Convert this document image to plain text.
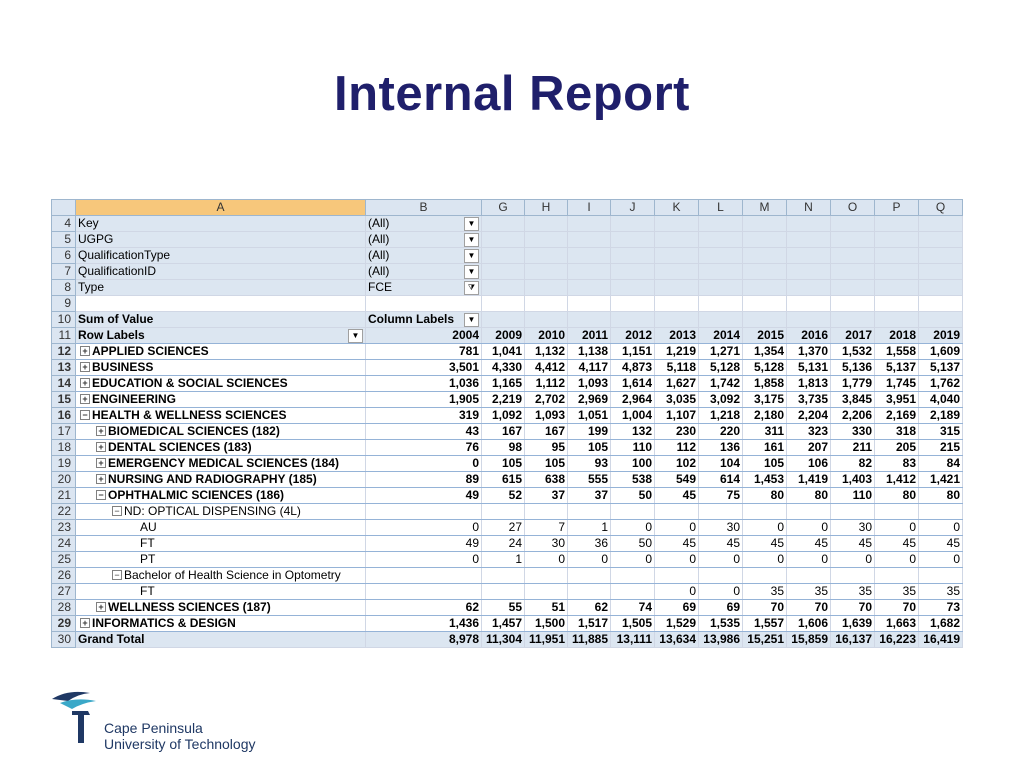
Internal Report
	A	B	G	H	I	J	K	L	M	N	O	P	Q
4	Key	(All) ▼											

5	UGPG	(All) ▼											

6	QualificationType	(All) ▼											

7	QualificationID	(All) ▼											

8	Type	FCE ⧩											

9													
10	Sum of Value	Column Labels ▼											

11	Row Labels ▼	2004	2009	2010	2011	2012	2013	2014	2015	2016	2017	2018	2019
12	+ APPLIED SCIENCES	781	1,041	1,132	1,138	1,151	1,219	1,271	1,354	1,370	1,532	1,558	1,609
13	+ BUSINESS	3,501	4,330	4,412	4,117	4,873	5,118	5,128	5,128	5,131	5,136	5,137	5,137
14	+ EDUCATION & SOCIAL SCIENCES	1,036	1,165	1,112	1,093	1,614	1,627	1,742	1,858	1,813	1,779	1,745	1,762
15	+ ENGINEERING	1,905	2,219	2,702	2,969	2,964	3,035	3,092	3,175	3,735	3,845	3,951	4,040
16	− HEALTH & WELLNESS SCIENCES	319	1,092	1,093	1,051	1,004	1,107	1,218	2,180	2,204	2,206	2,169	2,189
17	+ BIOMEDICAL SCIENCES (182)	43	167	167	199	132	230	220	311	323	330	318	315
18	+ DENTAL SCIENCES (183)	76	98	95	105	110	112	136	161	207	211	205	215
19	+ EMERGENCY MEDICAL SCIENCES (184)	0	105	105	93	100	102	104	105	106	82	83	84
20	+ NURSING AND RADIOGRAPHY (185)	89	615	638	555	538	549	614	1,453	1,419	1,403	1,412	1,421
21	− OPHTHALMIC SCIENCES (186)	49	52	37	37	50	45	75	80	80	110	80	80
22	− ND: OPTICAL DISPENSING (4L)												
23	AU	0	27	7	1	0	0	30	0	0	30	0	0
24	FT	49	24	30	36	50	45	45	45	45	45	45	45
25	PT	0	1	0	0	0	0	0	0	0	0	0	0
26	− Bachelor of Health Science in Optometry												
27	FT						0	0	35	35	35	35	35
28	+ WELLNESS SCIENCES (187)	62	55	51	62	74	69	69	70	70	70	70	73
29	+ INFORMATICS & DESIGN	1,436	1,457	1,500	1,517	1,505	1,529	1,535	1,557	1,606	1,639	1,663	1,682
30	Grand Total	8,978	11,304	11,951	11,885	13,111	13,634	13,986	15,251	15,859	16,137	16,223	16,419
Cape Peninsula
University of Technology
